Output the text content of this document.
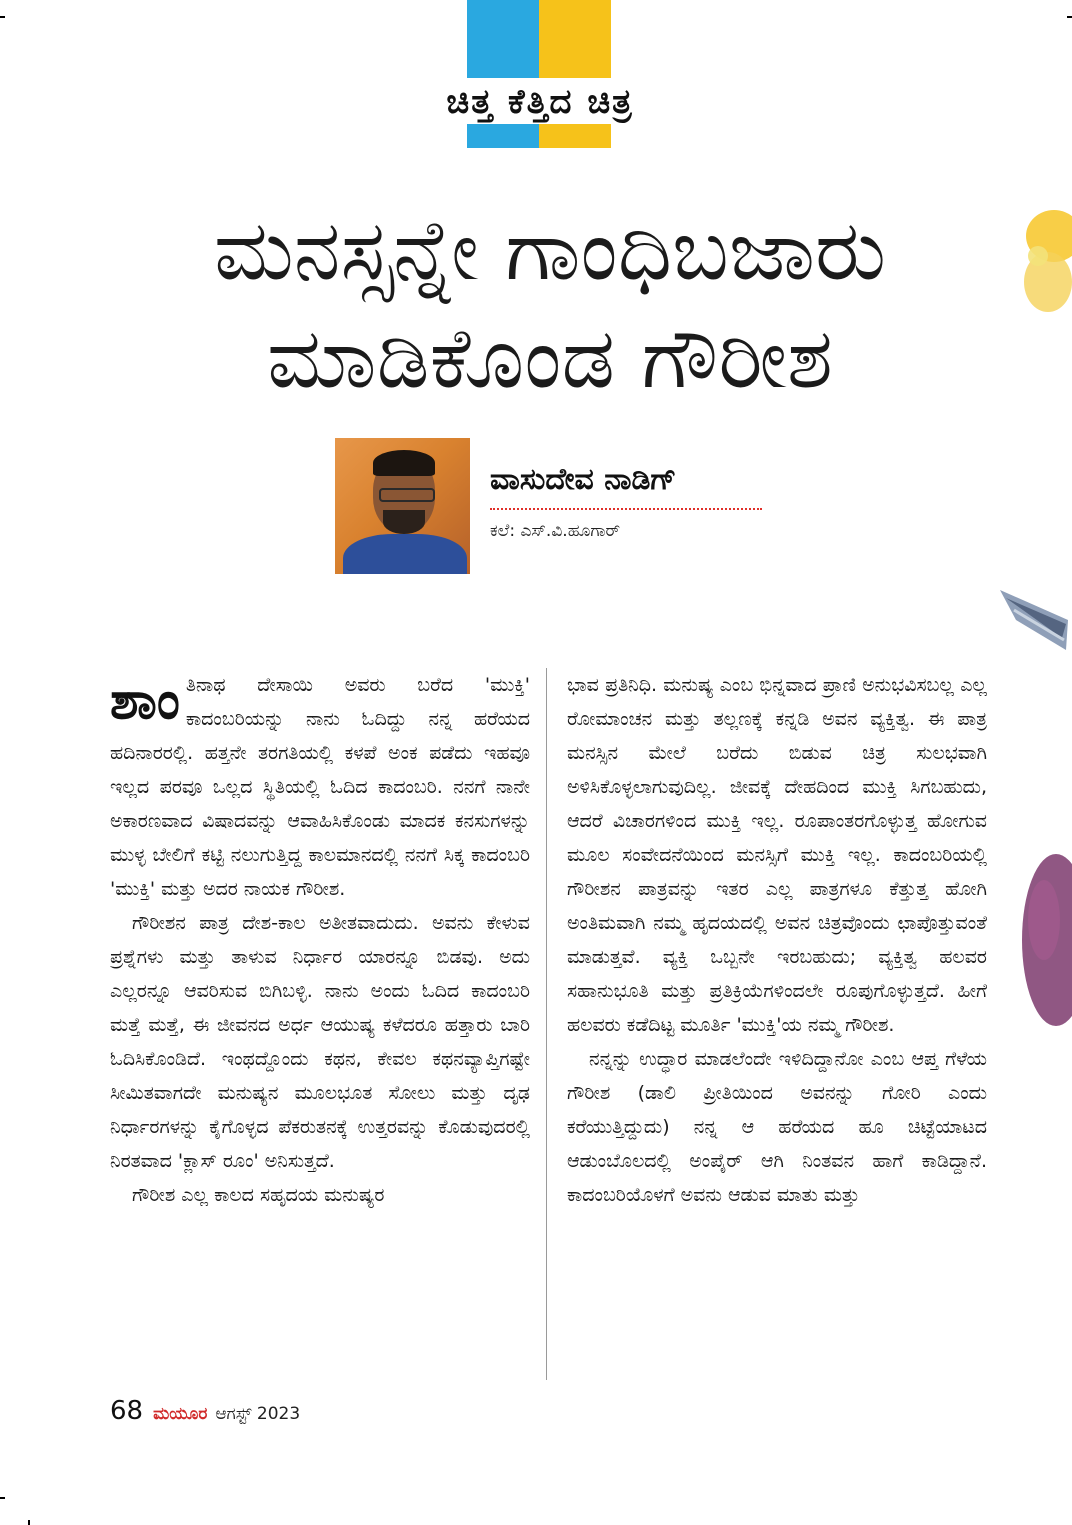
ಚಿತ್ತ ಕೆತ್ತಿದ ಚಿತ್ರ
ಮನಸ್ಸನ್ನೇ ಗಾಂಧಿಬಜಾರು
ಮಾಡಿಕೊಂಡ ಗೌರೀಶ
ವಾಸುದೇವ ನಾಡಿಗ್
ಕಲೆ: ಎಸ್.ವಿ.ಹೂಗಾರ್

ಶಾಂತಿನಾಥ ದೇಸಾಯಿ ಅವರು ಬರೆದ 'ಮುಕ್ತಿ' ಕಾದಂಬರಿಯನ್ನು ನಾನು ಓದಿದ್ದು ನನ್ನ ಹರೆಯದ ಹದಿನಾರರಲ್ಲಿ. ಹತ್ತನೇ ತರಗತಿಯಲ್ಲಿ ಕಳಪೆ ಅಂಕ ಪಡೆದು ಇಹವೂ ಇಲ್ಲದ ಪರವೂ ಒಲ್ಲದ ಸ್ಥಿತಿಯಲ್ಲಿ ಓದಿದ ಕಾದಂಬರಿ. ನನಗೆ ನಾನೇ ಅಕಾರಣವಾದ ವಿಷಾದವನ್ನು ಆವಾಹಿಸಿಕೊಂಡು ಮಾದಕ ಕನಸುಗಳನ್ನು ಮುಳ್ಳ ಬೇಲಿಗೆ ಕಟ್ಟಿ ನಲುಗುತ್ತಿದ್ದ ಕಾಲಮಾನದಲ್ಲಿ ನನಗೆ ಸಿಕ್ಕ ಕಾದಂಬರಿ 'ಮುಕ್ತಿ' ಮತ್ತು ಅದರ ನಾಯಕ ಗೌರೀಶ.

ಗೌರೀಶನ ಪಾತ್ರ ದೇಶ-ಕಾಲ ಅತೀತವಾದುದು. ಅವನು ಕೇಳುವ ಪ್ರಶ್ನೆಗಳು ಮತ್ತು ತಾಳುವ ನಿರ್ಧಾರ ಯಾರನ್ನೂ ಬಿಡವು. ಅದು ಎಲ್ಲರನ್ನೂ ಆವರಿಸುವ ಬಿಗಿಬಳ್ಳಿ. ನಾನು ಅಂದು ಓದಿದ ಕಾದಂಬರಿ ಮತ್ತೆ ಮತ್ತೆ, ಈ ಜೀವನದ ಅರ್ಧ ಆಯುಷ್ಯ ಕಳೆದರೂ ಹತ್ತಾರು ಬಾರಿ ಓದಿಸಿಕೊಂಡಿದೆ. ಇಂಥದ್ದೊಂದು ಕಥನ, ಕೇವಲ ಕಥನವ್ಯಾಪ್ತಿಗಷ್ಟೇ ಸೀಮಿತವಾಗದೇ ಮನುಷ್ಯನ ಮೂಲಭೂತ ಸೋಲು ಮತ್ತು ದೃಢ ನಿರ್ಧಾರಗಳನ್ನು ಕೈಗೊಳ್ಳದ ಪೆಕರುತನಕ್ಕೆ ಉತ್ತರವನ್ನು ಕೊಡುವುದರಲ್ಲಿ ನಿರತವಾದ 'ಕ್ಲಾಸ್ ರೂಂ' ಅನಿಸುತ್ತದೆ.

ಗೌರೀಶ ಎಲ್ಲ ಕಾಲದ ಸಹೃದಯ ಮನುಷ್ಯರ

ಭಾವ ಪ್ರತಿನಿಧಿ. ಮನುಷ್ಯ ಎಂಬ ಭಿನ್ನವಾದ ಪ್ರಾಣಿ ಅನುಭವಿಸಬಲ್ಲ ಎಲ್ಲ ರೋಮಾಂಚನ ಮತ್ತು ತಲ್ಲಣಕ್ಕೆ ಕನ್ನಡಿ ಅವನ ವ್ಯಕ್ತಿತ್ವ. ಈ ಪಾತ್ರ ಮನಸ್ಸಿನ ಮೇಲೆ ಬರೆದು ಬಿಡುವ ಚಿತ್ರ ಸುಲಭವಾಗಿ ಅಳಿಸಿಕೊಳ್ಳಲಾಗುವುದಿಲ್ಲ. ಜೀವಕ್ಕೆ ದೇಹದಿಂದ ಮುಕ್ತಿ ಸಿಗಬಹುದು, ಆದರೆ ವಿಚಾರಗಳಿಂದ ಮುಕ್ತಿ ಇಲ್ಲ. ರೂಪಾಂತರಗೊಳ್ಳುತ್ತ ಹೋಗುವ ಮೂಲ ಸಂವೇದನೆಯಿಂದ ಮನಸ್ಸಿಗೆ ಮುಕ್ತಿ ಇಲ್ಲ. ಕಾದಂಬರಿಯಲ್ಲಿ ಗೌರೀಶನ ಪಾತ್ರವನ್ನು ಇತರ ಎಲ್ಲ ಪಾತ್ರಗಳೂ ಕೆತ್ತುತ್ತ ಹೋಗಿ ಅಂತಿಮವಾಗಿ ನಮ್ಮ ಹೃದಯದಲ್ಲಿ ಅವನ ಚಿತ್ರವೊಂದು ಛಾಪೊತ್ತುವಂತೆ ಮಾಡುತ್ತವೆ. ವ್ಯಕ್ತಿ ಒಬ್ಬನೇ ಇರಬಹುದು; ವ್ಯಕ್ತಿತ್ವ ಹಲವರ ಸಹಾನುಭೂತಿ ಮತ್ತು ಪ್ರತಿಕ್ರಿಯೆಗಳಿಂದಲೇ ರೂಪುಗೊಳ್ಳುತ್ತದೆ. ಹೀಗೆ ಹಲವರು ಕಡೆದಿಟ್ಟ ಮೂರ್ತಿ 'ಮುಕ್ತಿ'ಯ ನಮ್ಮ ಗೌರೀಶ.

ನನ್ನನ್ನು ಉದ್ಧಾರ ಮಾಡಲೆಂದೇ ಇಳಿದಿದ್ದಾನೋ ಎಂಬ ಆಪ್ತ ಗೆಳೆಯ ಗೌರೀಶ (ಡಾಲಿ ಪ್ರೀತಿಯಿಂದ ಅವನನ್ನು ಗೋರಿ ಎಂದು ಕರೆಯುತ್ತಿದ್ದುದು) ನನ್ನ ಆ ಹರೆಯದ ಹೂ ಚಿಟ್ಟೆಯಾಟದ ಆಡುಂಬೊಲದಲ್ಲಿ ಅಂಪೈರ್ ಆಗಿ ನಿಂತವನ ಹಾಗೆ ಕಾಡಿದ್ದಾನೆ. ಕಾದಂಬರಿಯೊಳಗೆ ಅವನು ಆಡುವ ಮಾತು ಮತ್ತು

68 ಮಯೂರ ಆಗಸ್ಟ್ 2023
